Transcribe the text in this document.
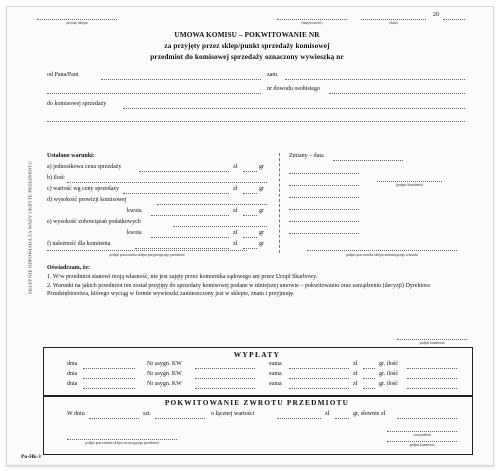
pieczęć sklepu	(miejscowość)	(data)
20
UMOWA KOMISU – POKWITOWANIE NR
za przyjęty przez sklep/punkt sprzedaży komisowej
przedmiot do komisowej sprzedaży oznaczony wywieszką nr
od Pana/Pani	zam.
nr dowodu osobistego
do komisowej sprzedaży
SKLEP NIE ODPOWIADA ZA WADY UKRYTE PRZEDMIOTU
Ustalono warunki:
a) jednostkowa cena sprzedaży	zł	gr
b) ilość
c) wartość wg ceny sprzedaży	zł	gr
d) wysokość prowizji komisowej
kwota	zł	gr
e) wysokość zobowiązań podatkowych
kwota	zł	gr
f) należność dla komitenta	zł	gr
Zmiany – data
(podpis komitenta)
podpis pracownika sklepu przyjmującego przedmiot	podpis pracownika sklepu zmieniającego warunki
Oświadczam, że:
1. W/w przedmiot stanowi moją własność, nie jest zajęty przez komornika sądowego ani przez Urząd Skarbowy.
2. Warunki na jakich przedmiot ten został przyjęty do sprzedaży komisowej podane w niniejszej umowie – pokwitowaniu oraz zarządzeniu (decyzji) Dyrektora Przedsiębiorstwa, którego wyciąg w formie wywieszki zamieszczony jest w sklepie, znam i przyjmuję.
podpis komitenta
WYPŁATY
dnia	Nr asygn. KW	suma	zł	gr. ilość
dnia	Nr asygn. KW	suma	zł	gr. ilość
dnia	Nr asygn. KW	suma	zł	gr. ilość
POKWITOWANIE ZWROTU PRZEDMIOTU
W dniu	szt.	o łącznej wartości	zł	gr, słownie zł
otrzymałem
podpis pracownika sklepu zwracającego przedmiot	podpis komitenta
Pu-Hk-3
